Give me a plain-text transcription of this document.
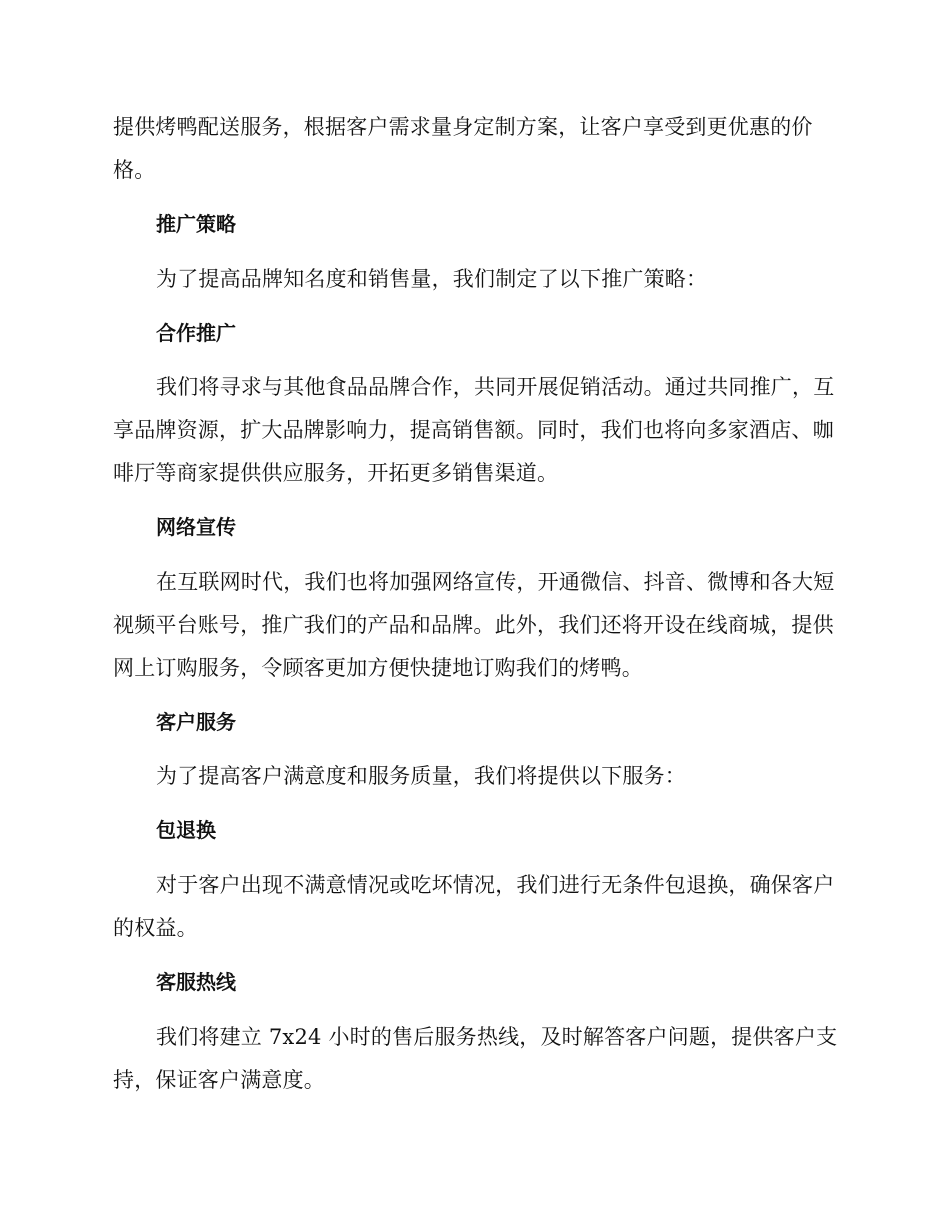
提供烤鸭配送服务，根据客户需求量身定制方案，让客户享受到更优惠的价格。

推广策略

为了提高品牌知名度和销售量，我们制定了以下推广策略：

合作推广

我们将寻求与其他食品品牌合作，共同开展促销活动。通过共同推广，互享品牌资源，扩大品牌影响力，提高销售额。同时，我们也将向多家酒店、咖啡厅等商家提供供应服务，开拓更多销售渠道。

网络宣传

在互联网时代，我们也将加强网络宣传，开通微信、抖音、微博和各大短视频平台账号，推广我们的产品和品牌。此外，我们还将开设在线商城，提供网上订购服务，令顾客更加方便快捷地订购我们的烤鸭。

客户服务

为了提高客户满意度和服务质量，我们将提供以下服务：

包退换

对于客户出现不满意情况或吃坏情况，我们进行无条件包退换，确保客户的权益。

客服热线

我们将建立 7x24 小时的售后服务热线，及时解答客户问题，提供客户支持，保证客户满意度。
